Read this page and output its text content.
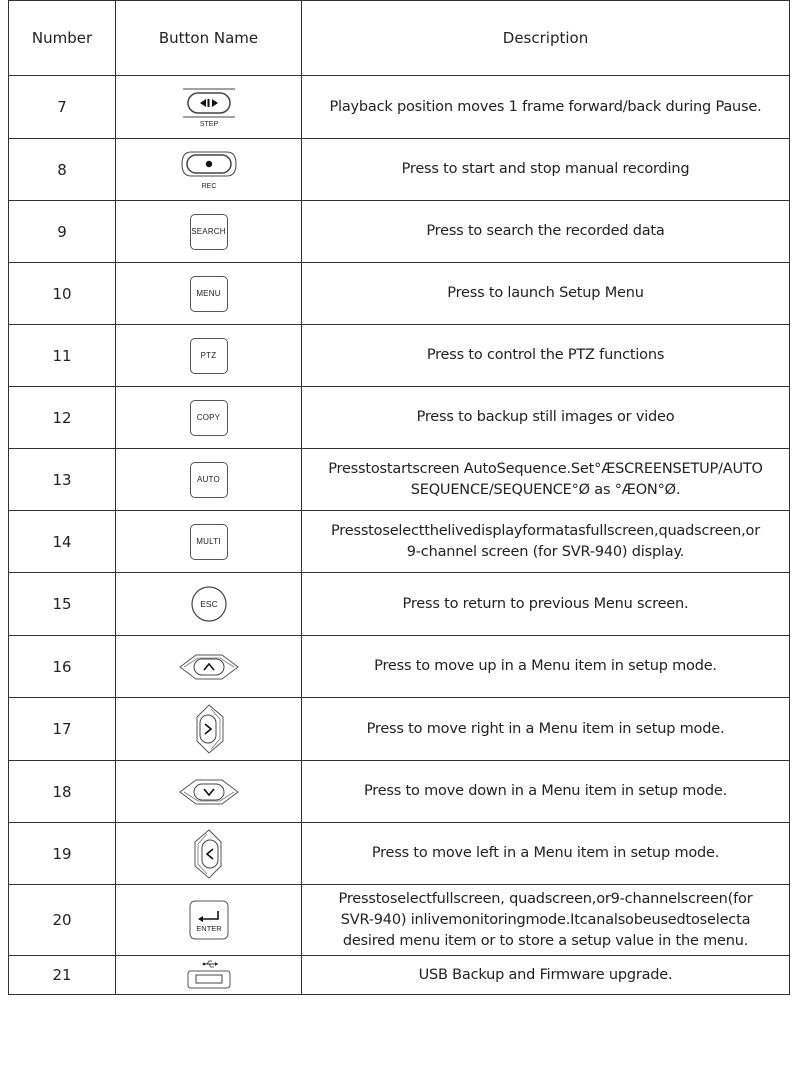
Number	Button Name	Description
7	STEP	Playback position moves 1 frame forward/back during Pause.

8	REC	Press to start and stop manual recording

9	SEARCH	Press to search the recorded data

10	MENU	Press to launch Setup Menu

11	PTZ	Press to control the PTZ functions

12	COPY	Press to backup still images or video

13	AUTO	Presstostartscreen AutoSequence.Set°ÆSCREENSETUP/AUTO
SEQUENCE/SEQUENCE°Ø as °ÆON°Ø.

14	MULTI	Presstoselectthelivedisplayformatasfullscreen,quadscreen,or
9-channel screen (for SVR-940) display.

15	ESC	Press to return to previous Menu screen.

16		Press to move up in a Menu item in setup mode.

17		Press to move right in a Menu item in setup mode.

18		Press to move down in a Menu item in setup mode.

19		Press to move left in a Menu item in setup mode.

20	ENTER	Presstoselectfullscreen, quadscreen,or9-channelscreen(for
SVR-940) inlivemonitoringmode.Itcanalsobeusedtoselecta
desired menu item or to store a setup value in the menu.

21		USB Backup and Firmware upgrade.
